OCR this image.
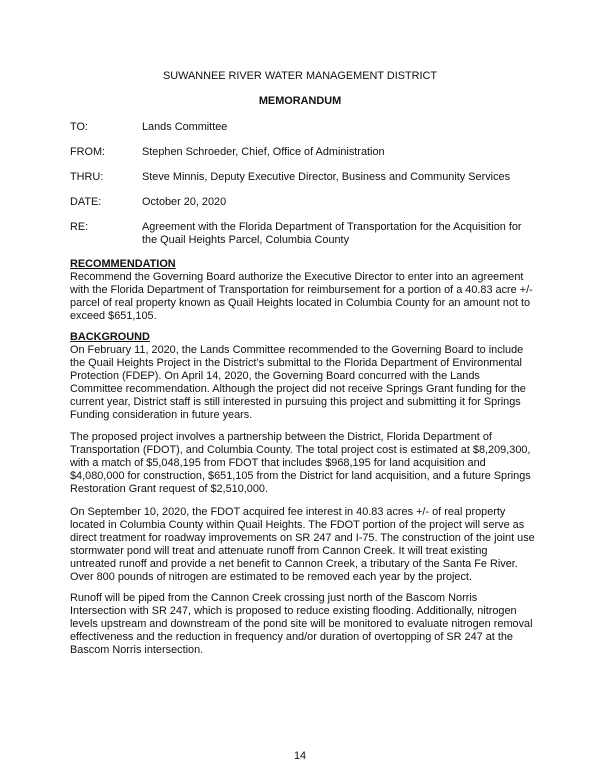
SUWANNEE RIVER WATER MANAGEMENT DISTRICT
MEMORANDUM
TO:	Lands Committee
FROM:	Stephen Schroeder, Chief, Office of Administration
THRU:	Steve Minnis, Deputy Executive Director, Business and Community Services
DATE:	October 20, 2020
RE:	Agreement with the Florida Department of Transportation for the Acquisition for the Quail Heights Parcel, Columbia County
RECOMMENDATION
Recommend the Governing Board authorize the Executive Director to enter into an agreement with the Florida Department of Transportation for reimbursement for a portion of a 40.83 acre +/- parcel of real property known as Quail Heights located in Columbia County for an amount not to exceed $651,105.
BACKGROUND
On February 11, 2020, the Lands Committee recommended to the Governing Board to include the Quail Heights Project in the District’s submittal to the Florida Department of Environmental Protection (FDEP). On April 14, 2020, the Governing Board concurred with the Lands Committee recommendation. Although the project did not receive Springs Grant funding for the current year, District staff is still interested in pursuing this project and submitting it for Springs Funding consideration in future years.

The proposed project involves a partnership between the District, Florida Department of Transportation (FDOT), and Columbia County. The total project cost is estimated at $8,209,300, with a match of $5,048,195 from FDOT that includes $968,195 for land acquisition and $4,080,000 for construction, $651,105 from the District for land acquisition, and a future Springs Restoration Grant request of $2,510,000.

On September 10, 2020, the FDOT acquired fee interest in 40.83 acres +/- of real property located in Columbia County within Quail Heights. The FDOT portion of the project will serve as direct treatment for roadway improvements on SR 247 and I-75. The construction of the joint use stormwater pond will treat and attenuate runoff from Cannon Creek. It will treat existing untreated runoff and provide a net benefit to Cannon Creek, a tributary of the Santa Fe River. Over 800 pounds of nitrogen are estimated to be removed each year by the project.

Runoff will be piped from the Cannon Creek crossing just north of the Bascom Norris Intersection with SR 247, which is proposed to reduce existing flooding. Additionally, nitrogen levels upstream and downstream of the pond site will be monitored to evaluate nitrogen removal effectiveness and the reduction in frequency and/or duration of overtopping of SR 247 at the Bascom Norris intersection.

14
